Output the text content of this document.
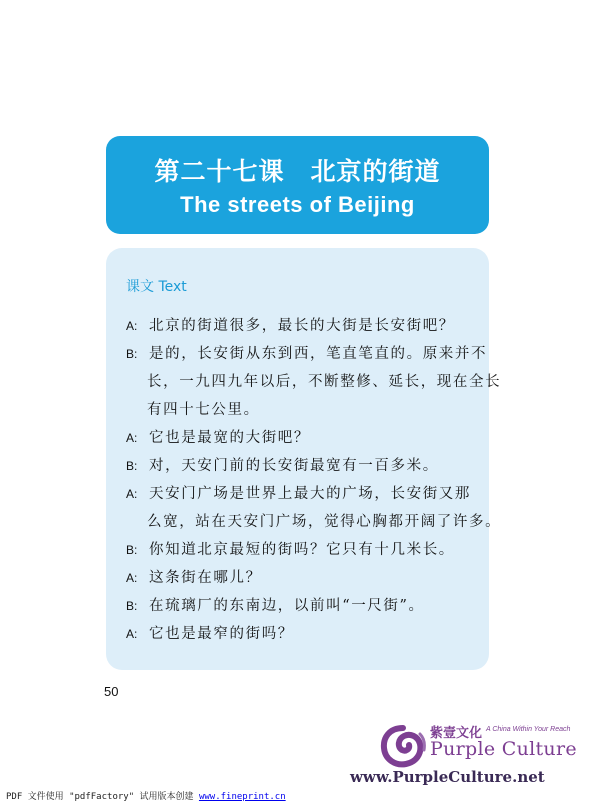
第二十七课　北京的街道
The streets of Beijing
课文 Text
A: 北京的街道很多，最长的大街是长安街吧？
B: 是的，长安街从东到西，笔直笔直的。原来并不
长，一九四九年以后，不断整修、延长，现在全长
有四十七公里。
A: 它也是最宽的大街吧？
B: 对，天安门前的长安街最宽有一百多米。
A: 天安门广场是世界上最大的广场，长安街又那
么宽，站在天安门广场，觉得心胸都开阔了许多。
B: 你知道北京最短的街吗？它只有十几米长。
A: 这条街在哪儿？
B: 在琉璃厂的东南边，以前叫“一尺街”。
A: 它也是最窄的街吗？
50
紫壹文化 A China Within Your Reach
Purple Culture
www.PurpleCulture.net
PDF 文件使用 "pdfFactory" 试用版本创建 www.fineprint.cn
